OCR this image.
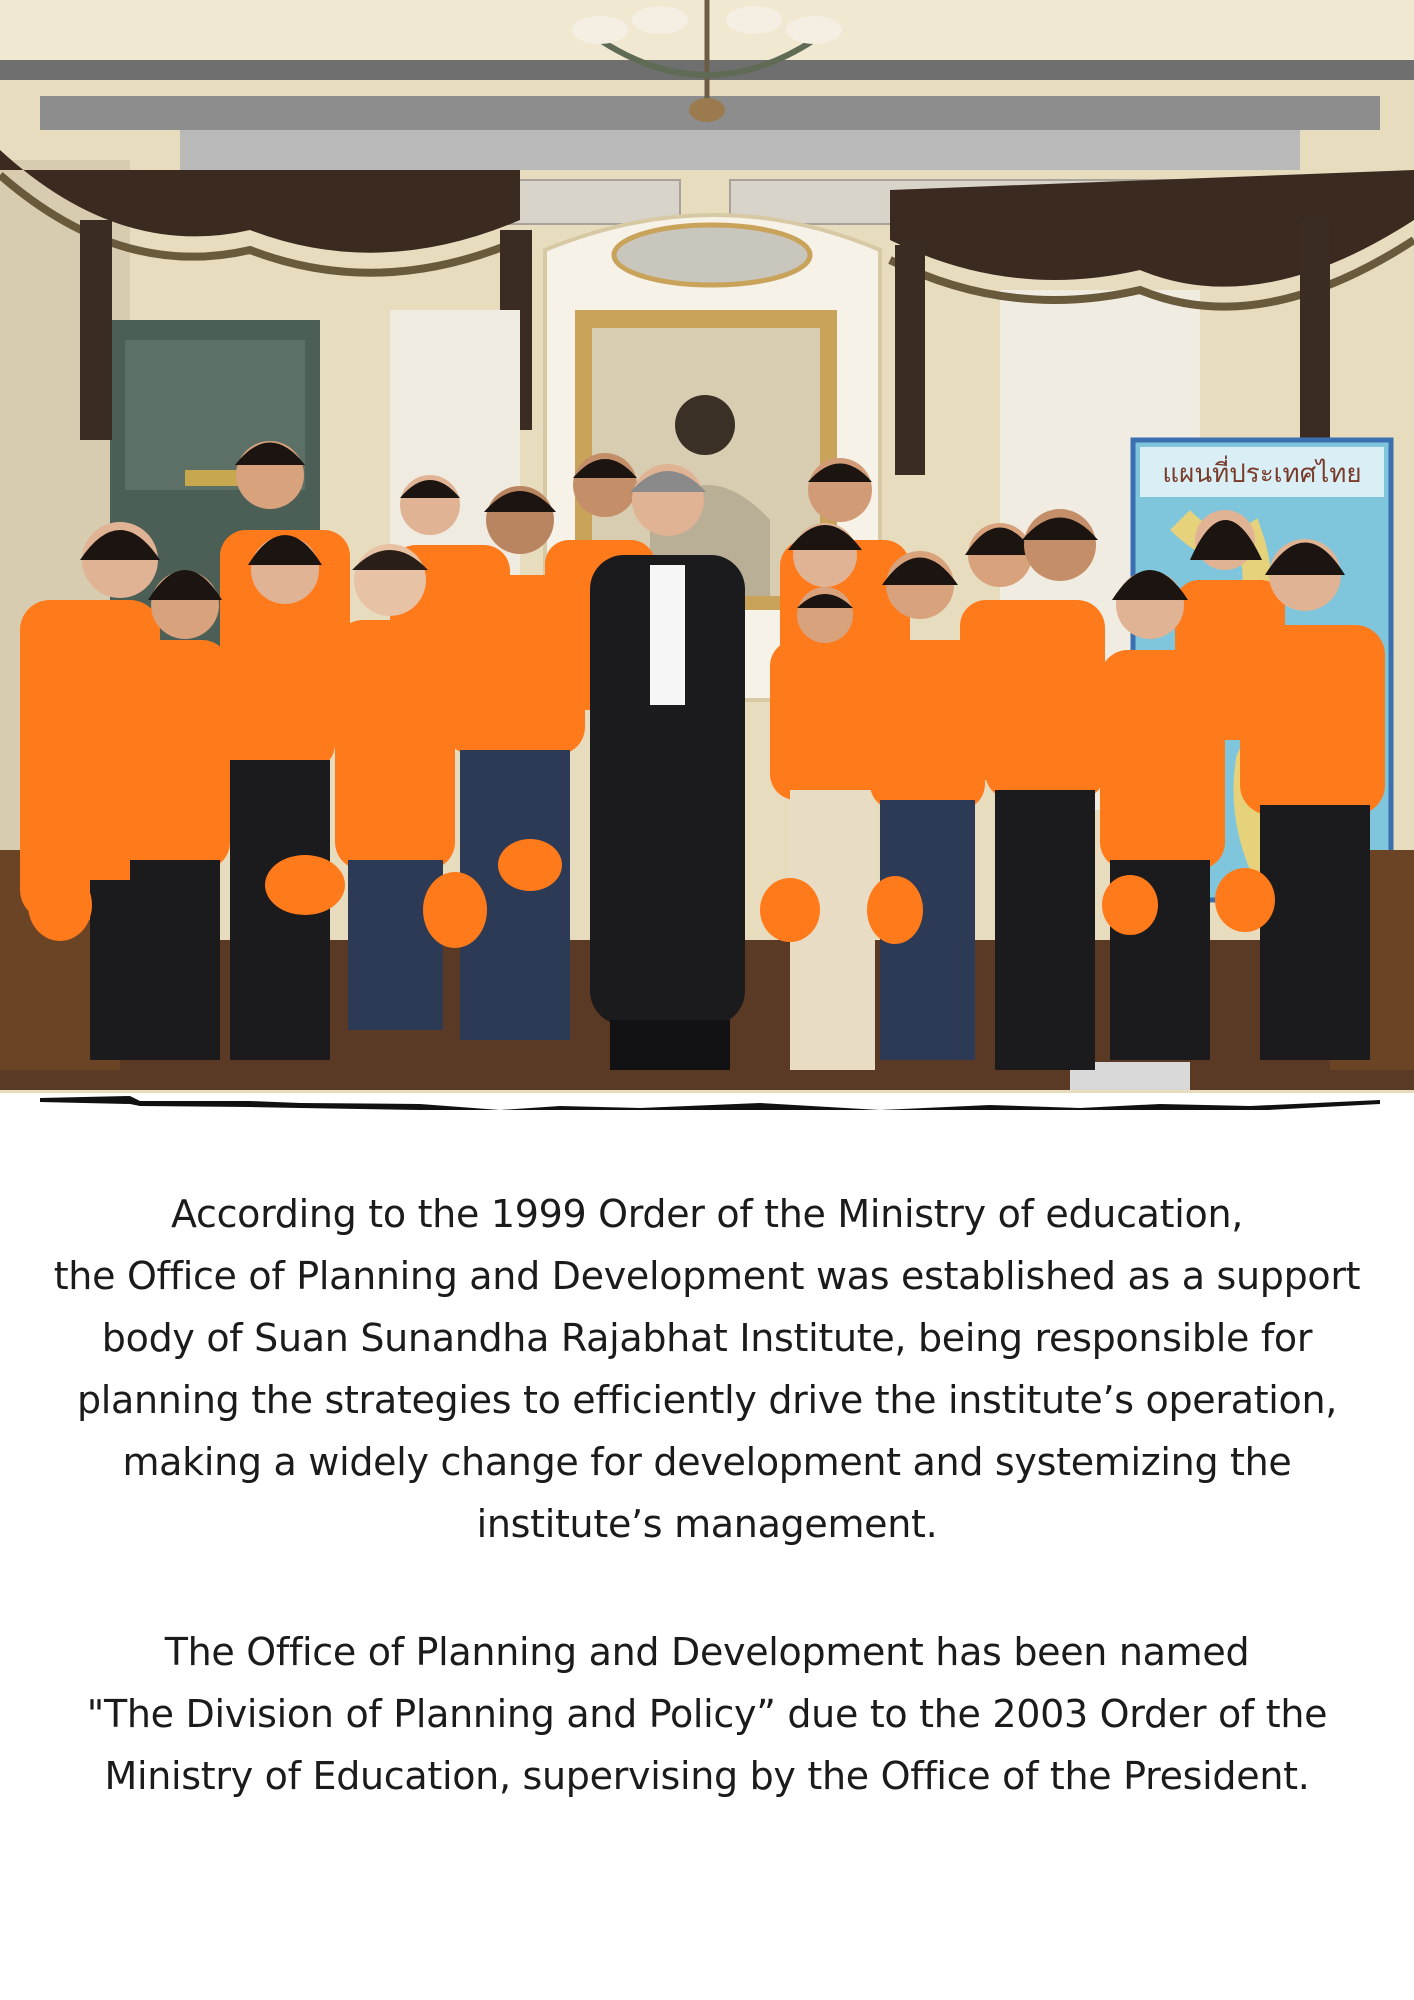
แผนที่ประเทศไทย
According to the 1999 Order of the Ministry of education,
the Office of Planning and Development was established as a support
body of Suan Sunandha Rajabhat Institute, being responsible for
planning the strategies to efficiently drive the institute’s operation,
making a widely change for development and systemizing the
institute’s management.
The Office of Planning and Development has been named
"The Division of Planning and Policy” due to the 2003 Order of the
Ministry of Education, supervising by the Office of the President.
